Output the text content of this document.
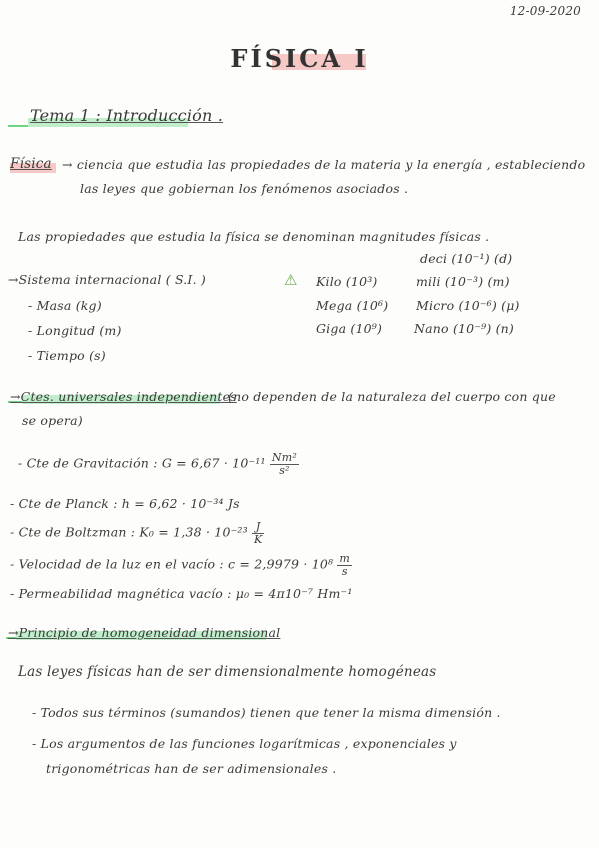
12-09-2020
FÍSICA I
Tema 1 : Introducción .
Física → ciencia que estudia las propiedades de la materia y la energía , estableciendo
las leyes que gobiernan los fenómenos asociados .
Las propiedades que estudia la física se denominan magnitudes físicas .
→Sistema internacional ( S.I. )
- Masa (kg)
- Longitud (m)
- Tiempo (s)
⚠ Kilo (10³)
Mega (10⁶)
Giga (10⁹)
deci (10⁻¹) (d)
mili (10⁻³) (m)
Micro (10⁻⁶) (μ)
Nano (10⁻⁹) (n)
→Ctes. universales independientes
(no dependen de la naturaleza del cuerpo con que
se opera)
- Cte de Gravitación : $G = 6,67 \cdot 10^{-11} \frac{\text{Nm²}}{\text{s²}}$
- Cte de Planck : h = 6,62 · 10⁻³⁴ Js
- Cte de Boltzman : $K_0 = 1,38 \cdot 10^{-23} \frac{J}{K}$
- Velocidad de la luz en el vacío : $c = 2,9979 \cdot 10^8 \frac{m}{s}$
- Permeabilidad magnética vacío : μ₀ = 4π10⁻⁷ Hm⁻¹
→Principio de homogeneidad dimensional
Las leyes físicas han de ser dimensionalmente homogéneas
- Todos sus términos (sumandos) tienen que tener la misma dimensión .
- Los argumentos de las funciones logarítmicas , exponenciales y
trigonométricas han de ser adimensionales .
